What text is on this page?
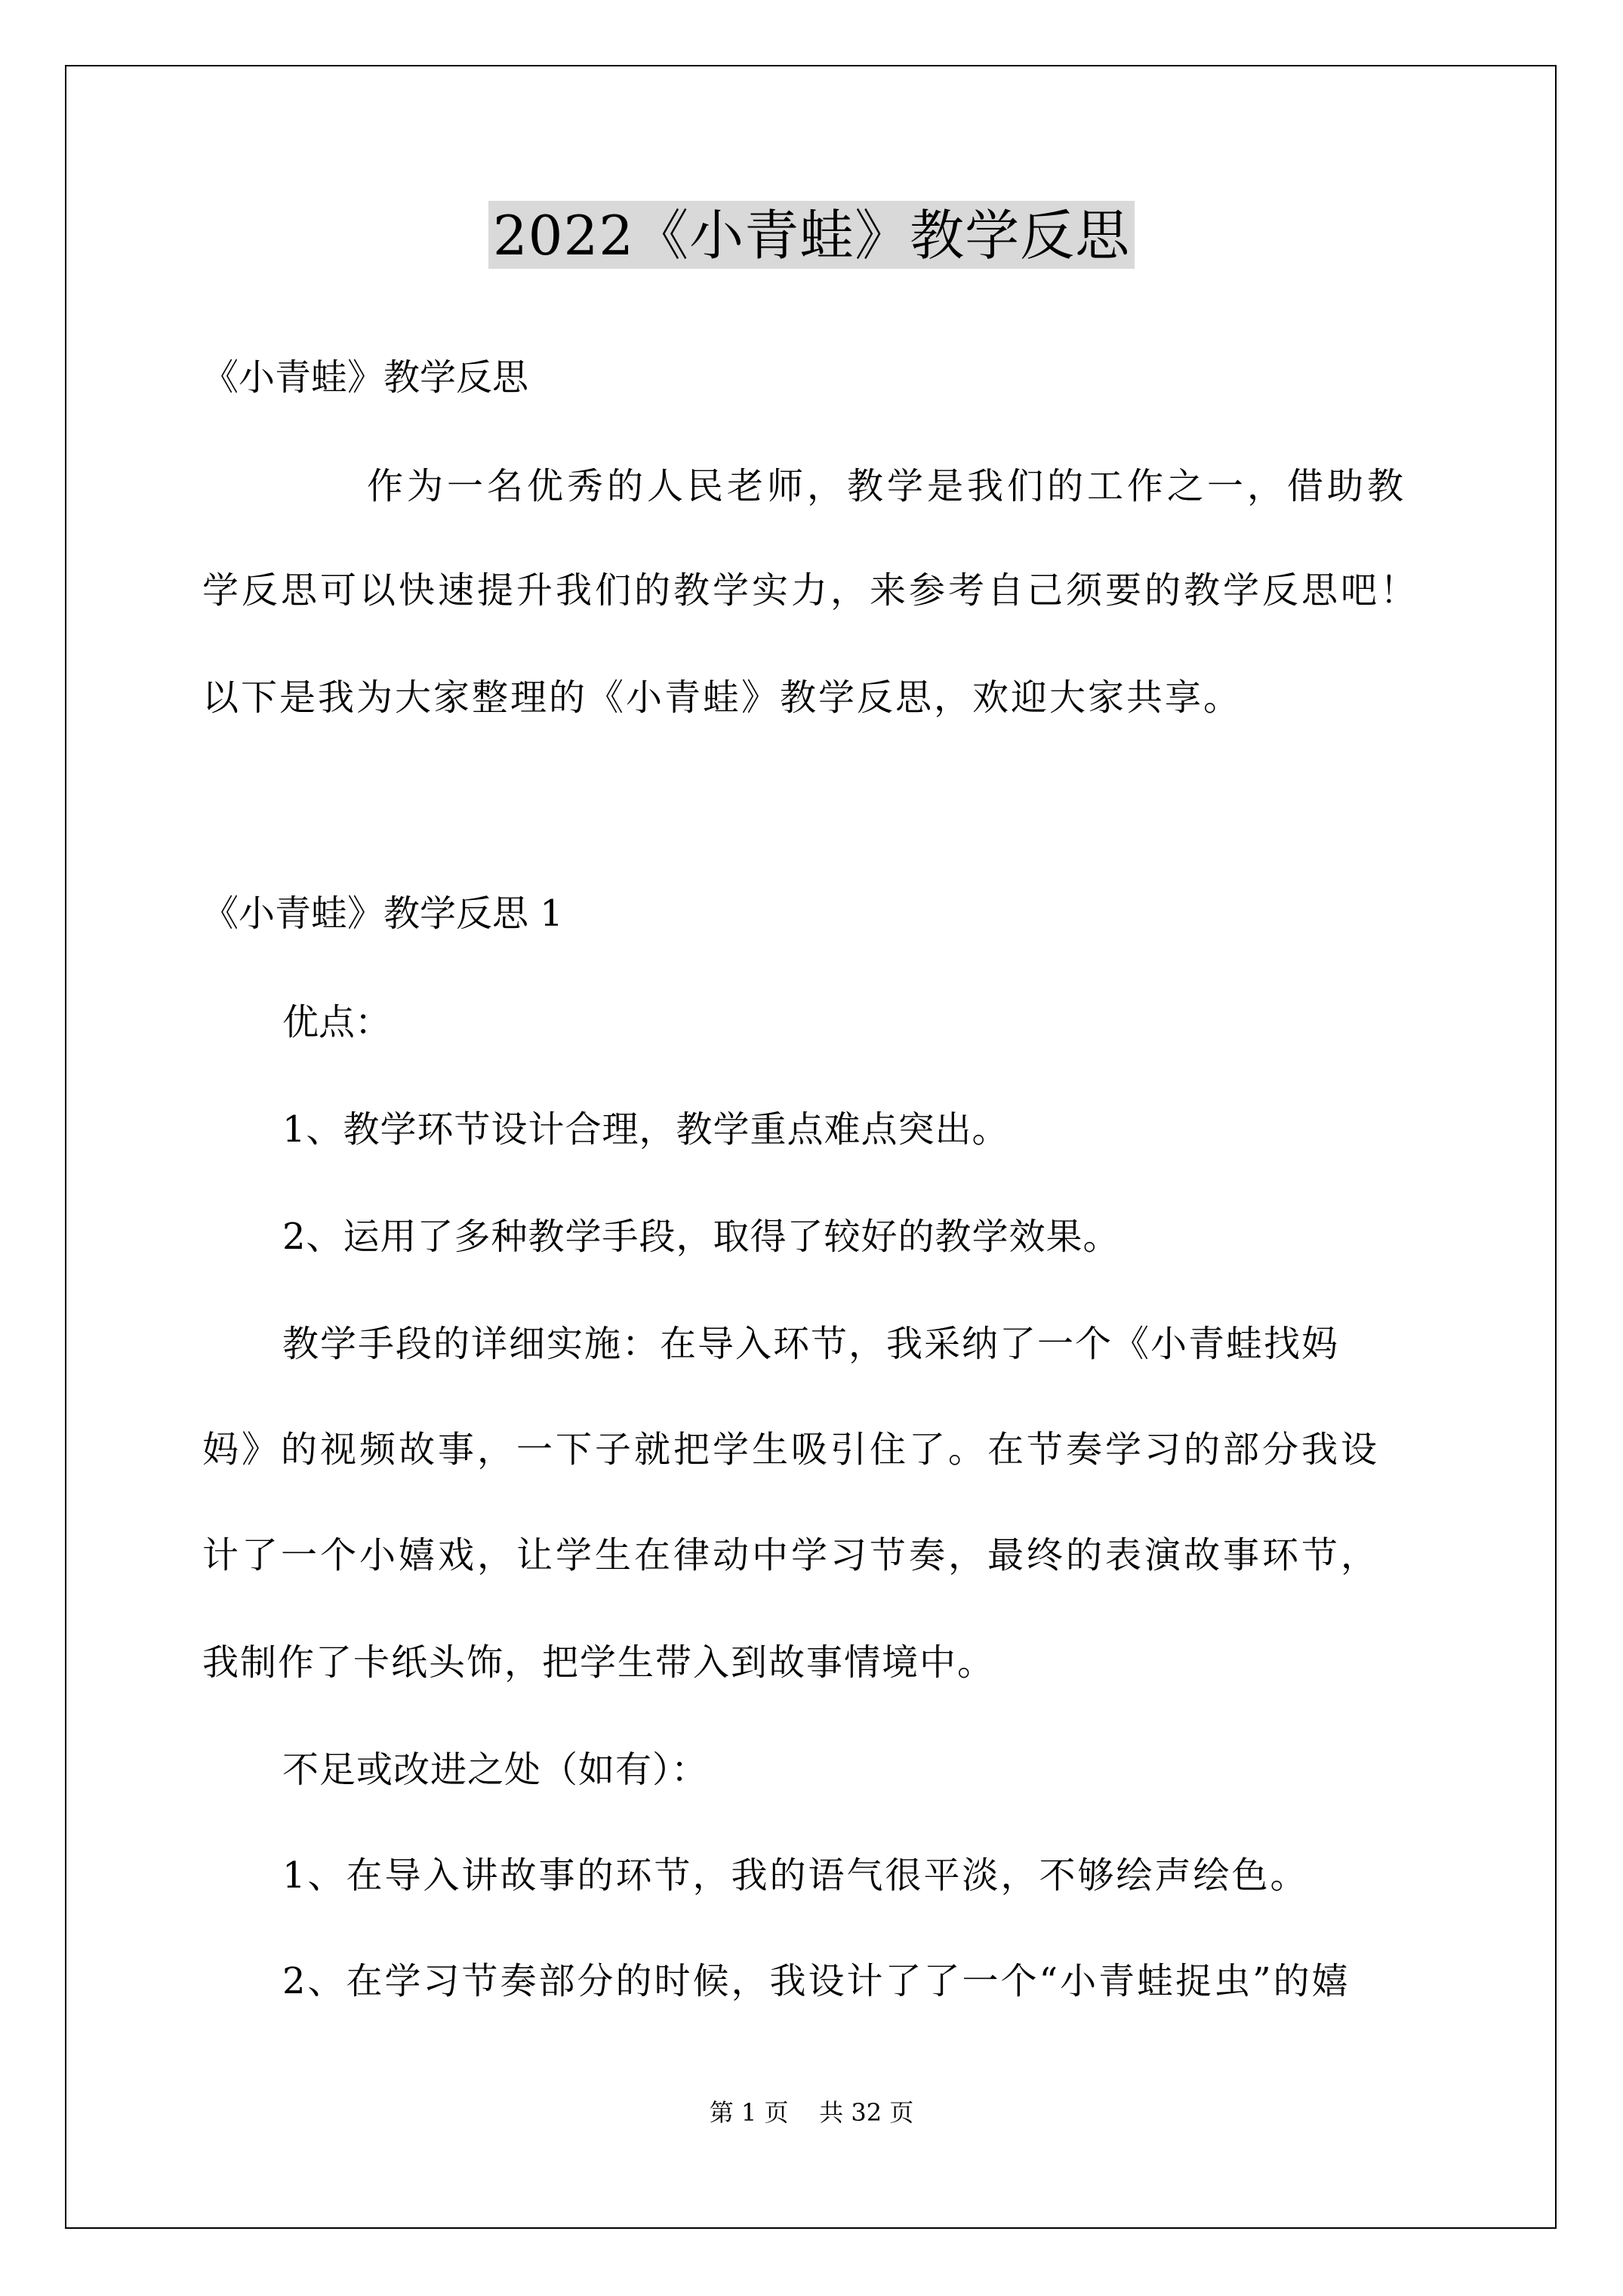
2022《小青蛙》教学反思
《小青蛙》教学反思
作为一名优秀的人民老师，教学是我们的工作之一，借助教
学反思可以快速提升我们的教学实力，来参考自己须要的教学反思吧！
以下是我为大家整理的《小青蛙》教学反思，欢迎大家共享。
《小青蛙》教学反思 1
优点：
1、教学环节设计合理，教学重点难点突出。
2、运用了多种教学手段，取得了较好的教学效果。
教学手段的详细实施：在导入环节，我采纳了一个《小青蛙找妈
妈》的视频故事，一下子就把学生吸引住了。在节奏学习的部分我设
计了一个小嬉戏，让学生在律动中学习节奏，最终的表演故事环节，
我制作了卡纸头饰，把学生带入到故事情境中。
不足或改进之处（如有）：
1、在导入讲故事的环节，我的语气很平淡，不够绘声绘色。
2、在学习节奏部分的时候，我设计了了一个“小青蛙捉虫”的嬉
第 1 页 共 32 页
